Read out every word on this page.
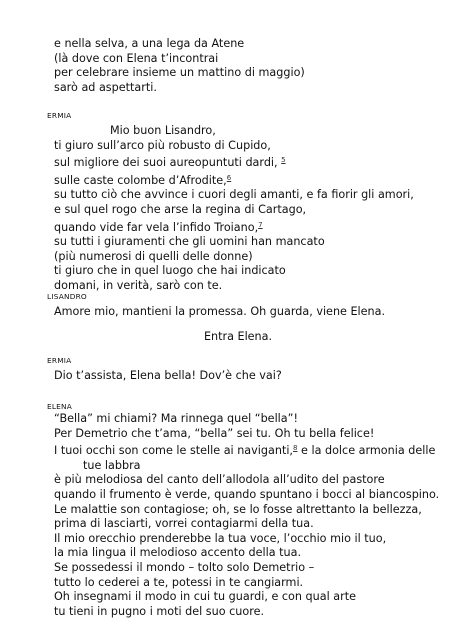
e nella selva, a una lega da Atene
(là dove con Elena t’incontrai
per celebrare insieme un mattino di maggio)
sarò ad aspettarti.
ERMIA
Mio buon Lisandro,
ti giuro sull’arco più robusto di Cupido,
sul migliore dei suoi aureopuntuti dardi, $^5$
sulle caste colombe d’Afrodite,$^6$
su tutto ciò che avvince i cuori degli amanti, e fa fiorir gli amori,
e sul quel rogo che arse la regina di Cartago,
quando vide far vela l’infido Troiano,$^7$
su tutti i giuramenti che gli uomini han mancato
(più numerosi di quelli delle donne)
ti giuro che in quel luogo che hai indicato
domani, in verità, sarò con te.
LISANDRO
Amore mio, mantieni la promessa. Oh guarda, viene Elena.
Entra Elena.
ERMIA
Dio t’assista, Elena bella! Dov’è che vai?
ELENA
“Bella” mi chiami? Ma rinnega quel “bella”!
Per Demetrio che t’ama, “bella” sei tu. Oh tu bella felice!
I tuoi occhi son come le stelle ai naviganti,$^8$ e la dolce armonia delle
tue labbra
è più melodiosa del canto dell’allodola all’udito del pastore
quando il frumento è verde, quando spuntano i bocci al biancospino.
Le malattie son contagiose; oh, se lo fosse altrettanto la bellezza,
prima di lasciarti, vorrei contagiarmi della tua.
Il mio orecchio prenderebbe la tua voce, l’occhio mio il tuo,
la mia lingua il melodioso accento della tua.
Se possedessi il mondo – tolto solo Demetrio –
tutto lo cederei a te, potessi in te cangiarmi.
Oh insegnami il modo in cui tu guardi, e con qual arte
tu tieni in pugno i moti del suo cuore.
